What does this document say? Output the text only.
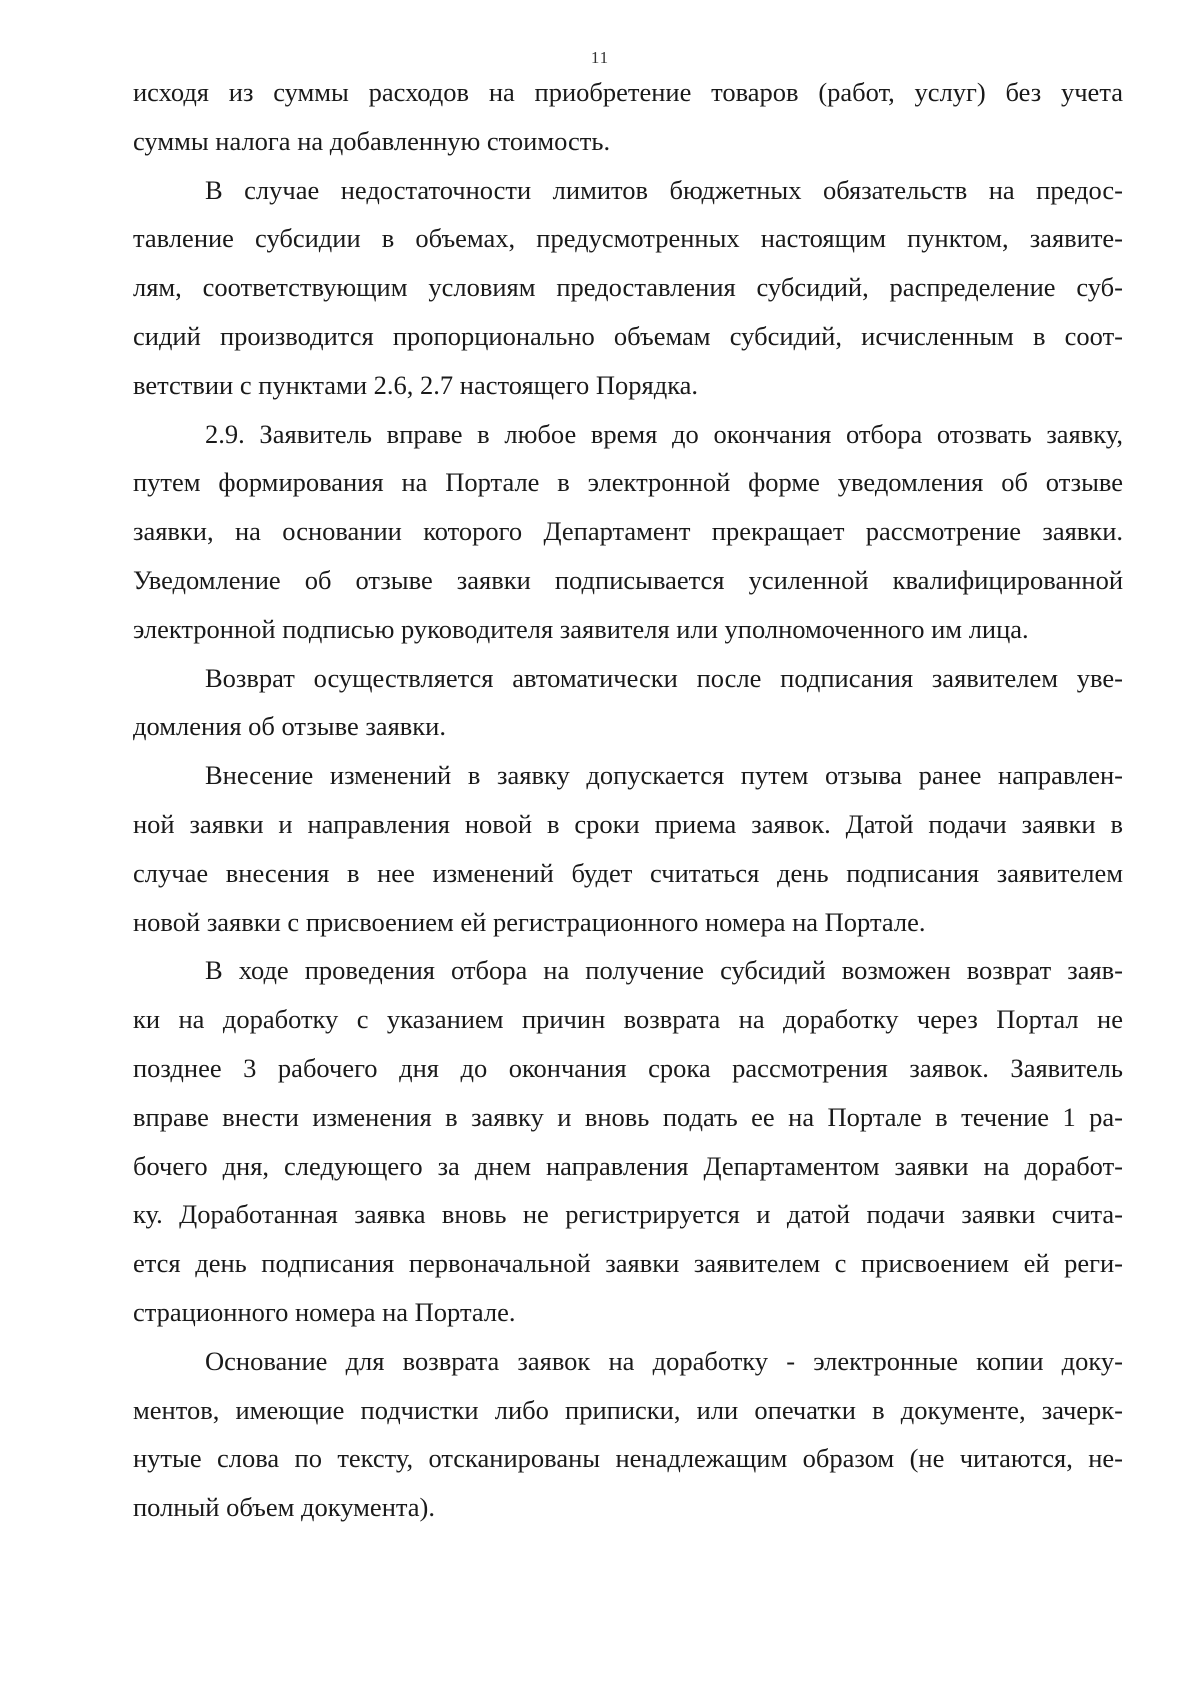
11
исходя из суммы расходов на приобретение товаров (работ, услуг) без учета
суммы налога на добавленную стоимость.
В случае недостаточности лимитов бюджетных обязательств на предос-
тавление субсидии в объемах, предусмотренных настоящим пунктом, заявите-
лям, соответствующим условиям предоставления субсидий, распределение суб-
сидий производится пропорционально объемам субсидий, исчисленным в соот-
ветствии с пунктами 2.6, 2.7 настоящего Порядка.
2.9. Заявитель вправе в любое время до окончания отбора отозвать заявку,
путем формирования на Портале в электронной форме уведомления об отзыве
заявки, на основании которого Департамент прекращает рассмотрение заявки.
Уведомление об отзыве заявки подписывается усиленной квалифицированной
электронной подписью руководителя заявителя или уполномоченного им лица.
Возврат осуществляется автоматически после подписания заявителем уве-
домления об отзыве заявки.
Внесение изменений в заявку допускается путем отзыва ранее направлен-
ной заявки и направления новой в сроки приема заявок. Датой подачи заявки в
случае внесения в нее изменений будет считаться день подписания заявителем
новой заявки с присвоением ей регистрационного номера на Портале.
В ходе проведения отбора на получение субсидий возможен возврат заяв-
ки на доработку с указанием причин возврата на доработку через Портал не
позднее 3 рабочего дня до окончания срока рассмотрения заявок. Заявитель
вправе внести изменения в заявку и вновь подать ее на Портале в течение 1 ра-
бочего дня, следующего за днем направления Департаментом заявки на доработ-
ку. Доработанная заявка вновь не регистрируется и датой подачи заявки счита-
ется день подписания первоначальной заявки заявителем с присвоением ей реги-
страционного номера на Портале.
Основание для возврата заявок на доработку - электронные копии доку-
ментов, имеющие подчистки либо приписки, или опечатки в документе, зачерк-
нутые слова по тексту, отсканированы ненадлежащим образом (не читаются, не-
полный объем документа).
